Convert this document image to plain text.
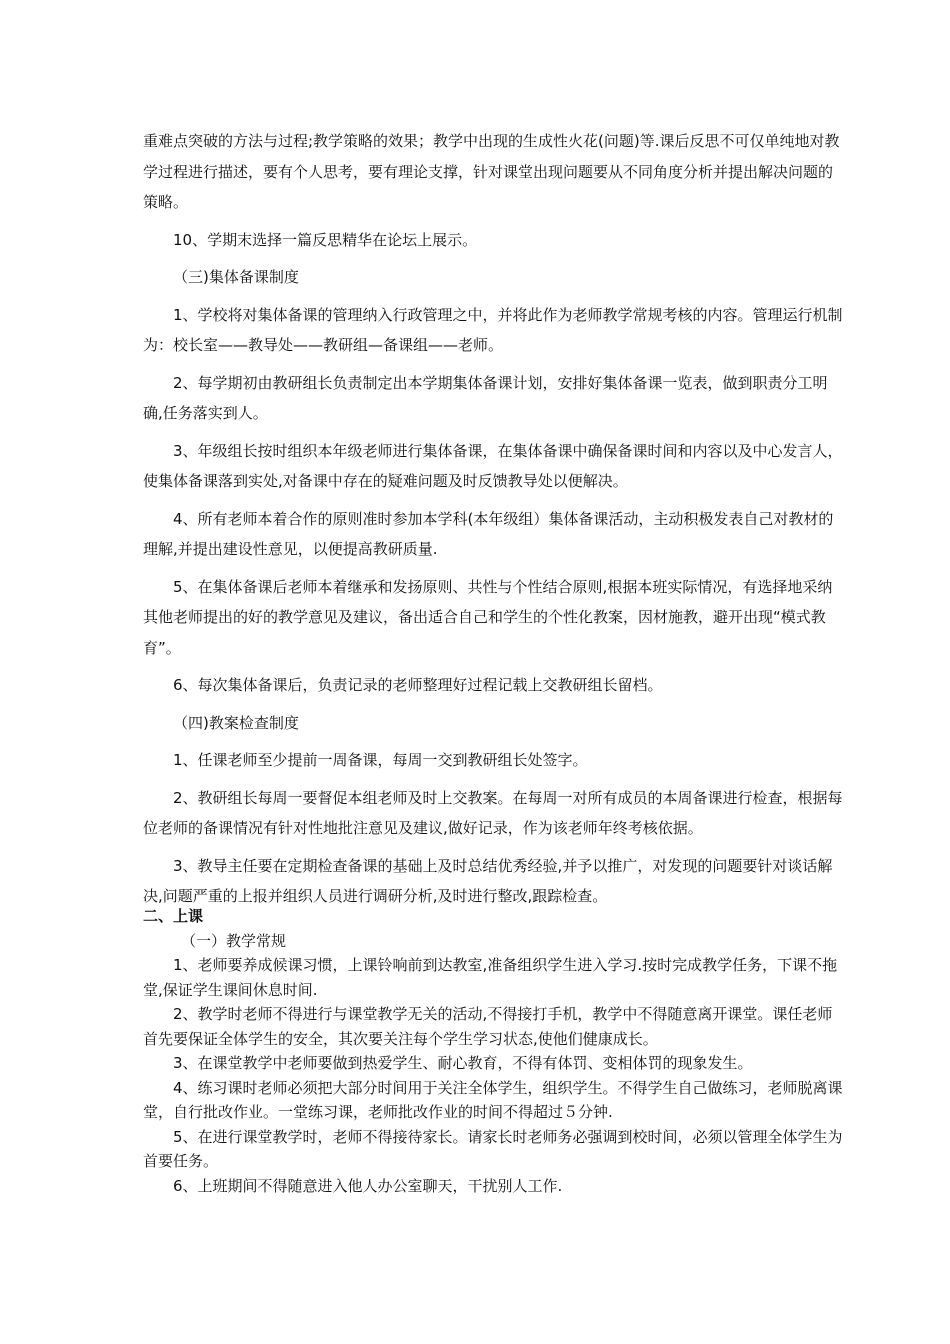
重难点突破的方法与过程;教学策略的效果；教学中出现的生成性火花(问题)等.课后反思不可仅单纯地对教学过程进行描述，要有个人思考，要有理论支撑，针对课堂出现问题要从不同角度分析并提出解决问题的策略。

10、学期末选择一篇反思精华在论坛上展示。

（三)集体备课制度

1、学校将对集体备课的管理纳入行政管理之中，并将此作为老师教学常规考核的内容。管理运行机制为：校长室——教导处——教研组—备课组——老师。

2、每学期初由教研组长负责制定出本学期集体备课计划，安排好集体备课一览表，做到职责分工明确,任务落实到人。

3、年级组长按时组织本年级老师进行集体备课，在集体备课中确保备课时间和内容以及中心发言人，使集体备课落到实处,对备课中存在的疑难问题及时反馈教导处以便解决。

4、所有老师本着合作的原则准时参加本学科(本年级组）集体备课活动，主动积极发表自己对教材的理解,并提出建设性意见，以便提高教研质量.

5、在集体备课后老师本着继承和发扬原则、共性与个性结合原则,根据本班实际情况，有选择地采纳其他老师提出的好的教学意见及建议，备出适合自己和学生的个性化教案，因材施教，避开出现“模式教育”。

6、每次集体备课后，负责记录的老师整理好过程记载上交教研组长留档。

（四)教案检查制度

1、任课老师至少提前一周备课，每周一交到教研组长处签字。

2、教研组长每周一要督促本组老师及时上交教案。在每周一对所有成员的本周备课进行检查，根据每位老师的备课情况有针对性地批注意见及建议,做好记录，作为该老师年终考核依据。

3、教导主任要在定期检查备课的基础上及时总结优秀经验,并予以推广，对发现的问题要针对谈话解决,问题严重的上报并组织人员进行调研分析,及时进行整改,跟踪检查。

二、上课

（一）教学常规

1、老师要养成候课习惯，上课铃响前到达教室,准备组织学生进入学习.按时完成教学任务，下课不拖堂,保证学生课间休息时间.

2、教学时老师不得进行与课堂教学无关的活动,不得接打手机，教学中不得随意离开课堂。课任老师首先要保证全体学生的安全，其次要关注每个学生学习状态,使他们健康成长。

3、在课堂教学中老师要做到热爱学生、耐心教育，不得有体罚、变相体罚的现象发生。

4、练习课时老师必须把大部分时间用于关注全体学生，组织学生。不得学生自己做练习，老师脱离课堂，自行批改作业。一堂练习课，老师批改作业的时间不得超过５分钟.

5、在进行课堂教学时，老师不得接待家长。请家长时老师务必强调到校时间，必须以管理全体学生为首要任务。

6、上班期间不得随意进入他人办公室聊天，干扰别人工作.
